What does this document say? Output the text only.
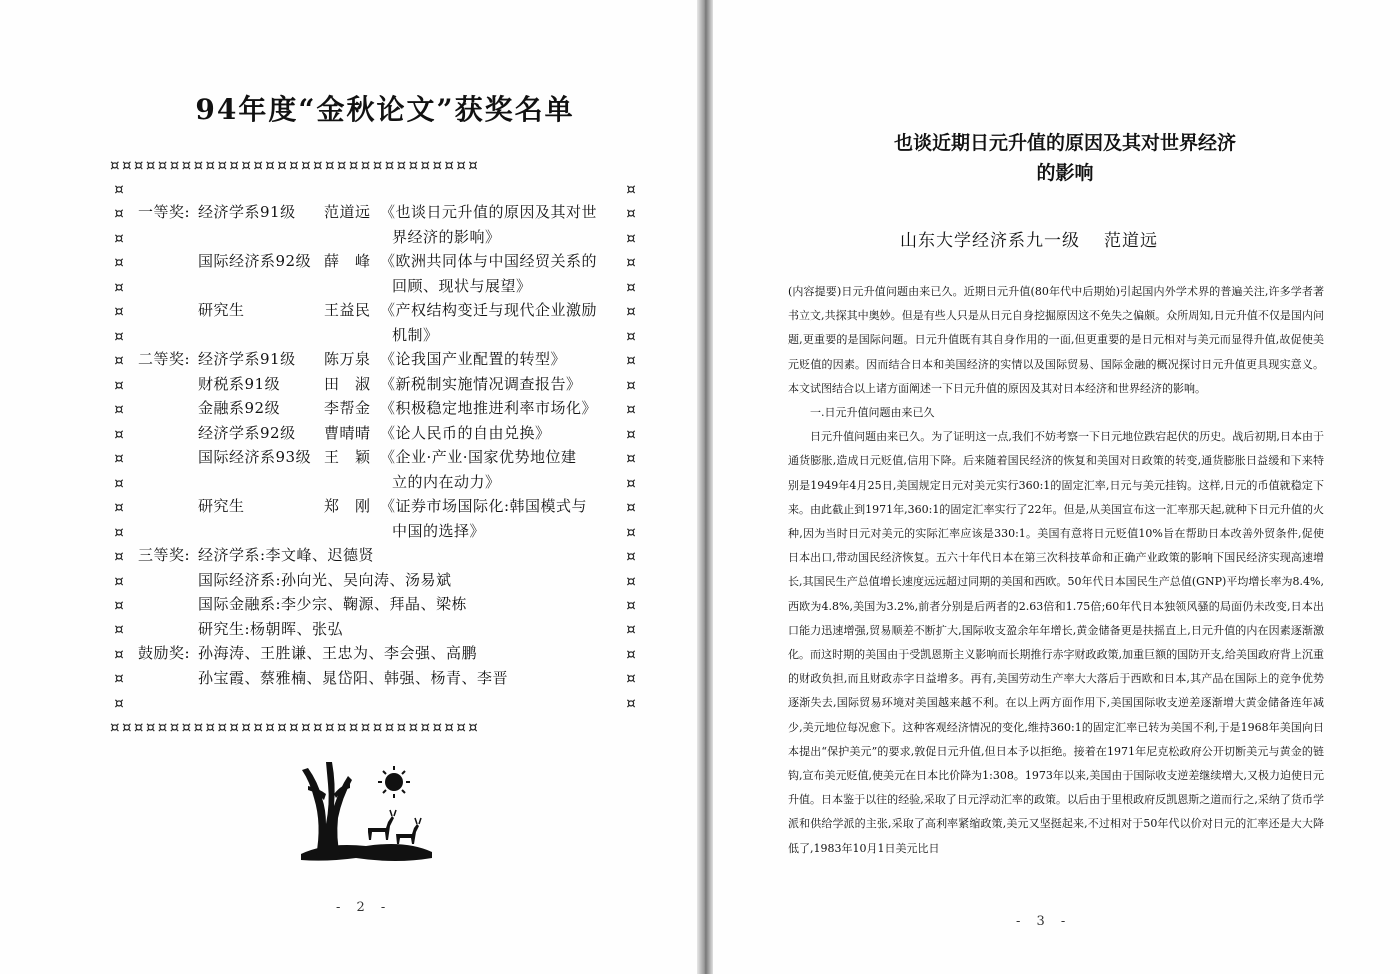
94年度“金秋论文”获奖名单
¤¤¤¤¤¤¤¤¤¤¤¤¤¤¤¤¤¤¤¤¤¤¤¤¤¤¤¤¤¤¤
¤¤¤¤¤¤¤¤¤¤¤¤¤¤¤¤¤¤¤¤¤¤¤¤¤¤¤¤¤¤¤
¤
¤
¤
¤
¤
¤
¤
¤
¤
¤
¤
¤
¤
¤
¤
¤
¤
¤
¤
¤
¤
¤
¤
¤
¤
¤
¤
¤
¤
¤
¤
¤
¤
¤
¤
¤
¤
¤
¤
¤
¤
¤
¤
¤
一等奖: 经济学系91级 范道远 《也谈日元升值的原因及其对世
界经济的影响》
国际经济系92级 薛　峰 《欧洲共同体与中国经贸关系的
回顾、现状与展望》
研究生	王益民 《产权结构变迁与现代企业激励
机制》
二等奖: 经济学系91级 陈万泉 《论我国产业配置的转型》
财税系91级	田　淑 《新税制实施情况调查报告》
金融系92级	李帮金 《积极稳定地推进利率市场化》
经济学系92级 曹晴晴 《论人民币的自由兑换》
国际经济系93级 王　颖 《企业·产业·国家优势地位建
立的内在动力》
研究生	郑　刚 《证券市场国际化:韩国模式与
中国的选择》
三等奖: 经济学系:李文峰、迟德贤
国际经济系:孙向光、吴向涛、汤易斌
国际金融系:李少宗、鞠源、拜晶、梁栋
研究生:杨朝晖、张弘
鼓励奖: 孙海涛、王胜谦、王忠为、李会强、高鹏
孙宝霞、蔡雅楠、晁岱阳、韩强、杨青、李晋
- 2 -
也谈近期日元升值的原因及其对世界经济
的影响
山东大学经济系九一级 范道远

(内容提要)日元升值问题由来已久。近期日元升值(80年代中后期始)引起国内外学术界的普遍关注,许多学者著书立文,共探其中奥妙。但是有些人只是从日元自身挖掘原因这不免失之偏颇。众所周知,日元升值不仅是国内问题,更重要的是国际问题。日元升值既有其自身作用的一面,但更重要的是日元相对与美元而显得升值,故促使美元贬值的因素。因而结合日本和美国经济的实情以及国际贸易、国际金融的概况探讨日元升值更具现实意义。本文试图结合以上诸方面阐述一下日元升值的原因及其对日本经济和世界经济的影响。

一.日元升值问题由来已久

日元升值问题由来已久。为了证明这一点,我们不妨考察一下日元地位跌宕起伏的历史。战后初期,日本由于通货膨胀,造成日元贬值,信用下降。后来随着国民经济的恢复和美国对日政策的转变,通货膨胀日益缓和下来特别是1949年4月25日,美国规定日元对美元实行360:1的固定汇率,日元与美元挂钩。这样,日元的币值就稳定下来。由此截止到1971年,360:1的固定汇率实行了22年。但是,从美国宣布这一汇率那天起,就种下日元升值的火种,因为当时日元对美元的实际汇率应该是330:1。美国有意将日元贬值10%旨在帮助日本改善外贸条件,促使日本出口,带动国民经济恢复。五六十年代日本在第三次科技革命和正确产业政策的影响下国民经济实现高速增长,其国民生产总值增长速度远远超过同期的美国和西欧。50年代日本国民生产总值(GNP)平均增长率为8.4%,西欧为4.8%,美国为3.2%,前者分别是后两者的2.63倍和1.75倍;60年代日本独领风骚的局面仍未改变,日本出口能力迅速增强,贸易顺差不断扩大,国际收支盈余年年增长,黄金储备更是扶摇直上,日元升值的内在因素逐渐激化。而这时期的美国由于受凯恩斯主义影响而长期推行赤字财政政策,加重巨额的国防开支,给美国政府背上沉重的财政负担,而且财政赤字日益增多。再有,美国劳动生产率大大落后于西欧和日本,其产品在国际上的竞争优势逐渐失去,国际贸易环境对美国越来越不利。在以上两方面作用下,美国国际收支逆差逐渐增大黄金储备连年减少,美元地位每况愈下。这种客观经济情况的变化,维持360:1的固定汇率已转为美国不利,于是1968年美国向日本提出“保护美元”的要求,敦促日元升值,但日本予以拒绝。接着在1971年尼克松政府公开切断美元与黄金的链钩,宣布美元贬值,使美元在日本比价降为1:308。1973年以来,美国由于国际收支逆差继续增大,又极力迫使日元升值。日本鉴于以往的经验,采取了日元浮动汇率的政策。以后由于里根政府反凯恩斯之道而行之,采纳了货币学派和供给学派的主张,采取了高利率紧缩政策,美元又坚挺起来,不过相对于50年代以价对日元的汇率还是大大降低了,1983年10月1日美元比日

- 3 -
